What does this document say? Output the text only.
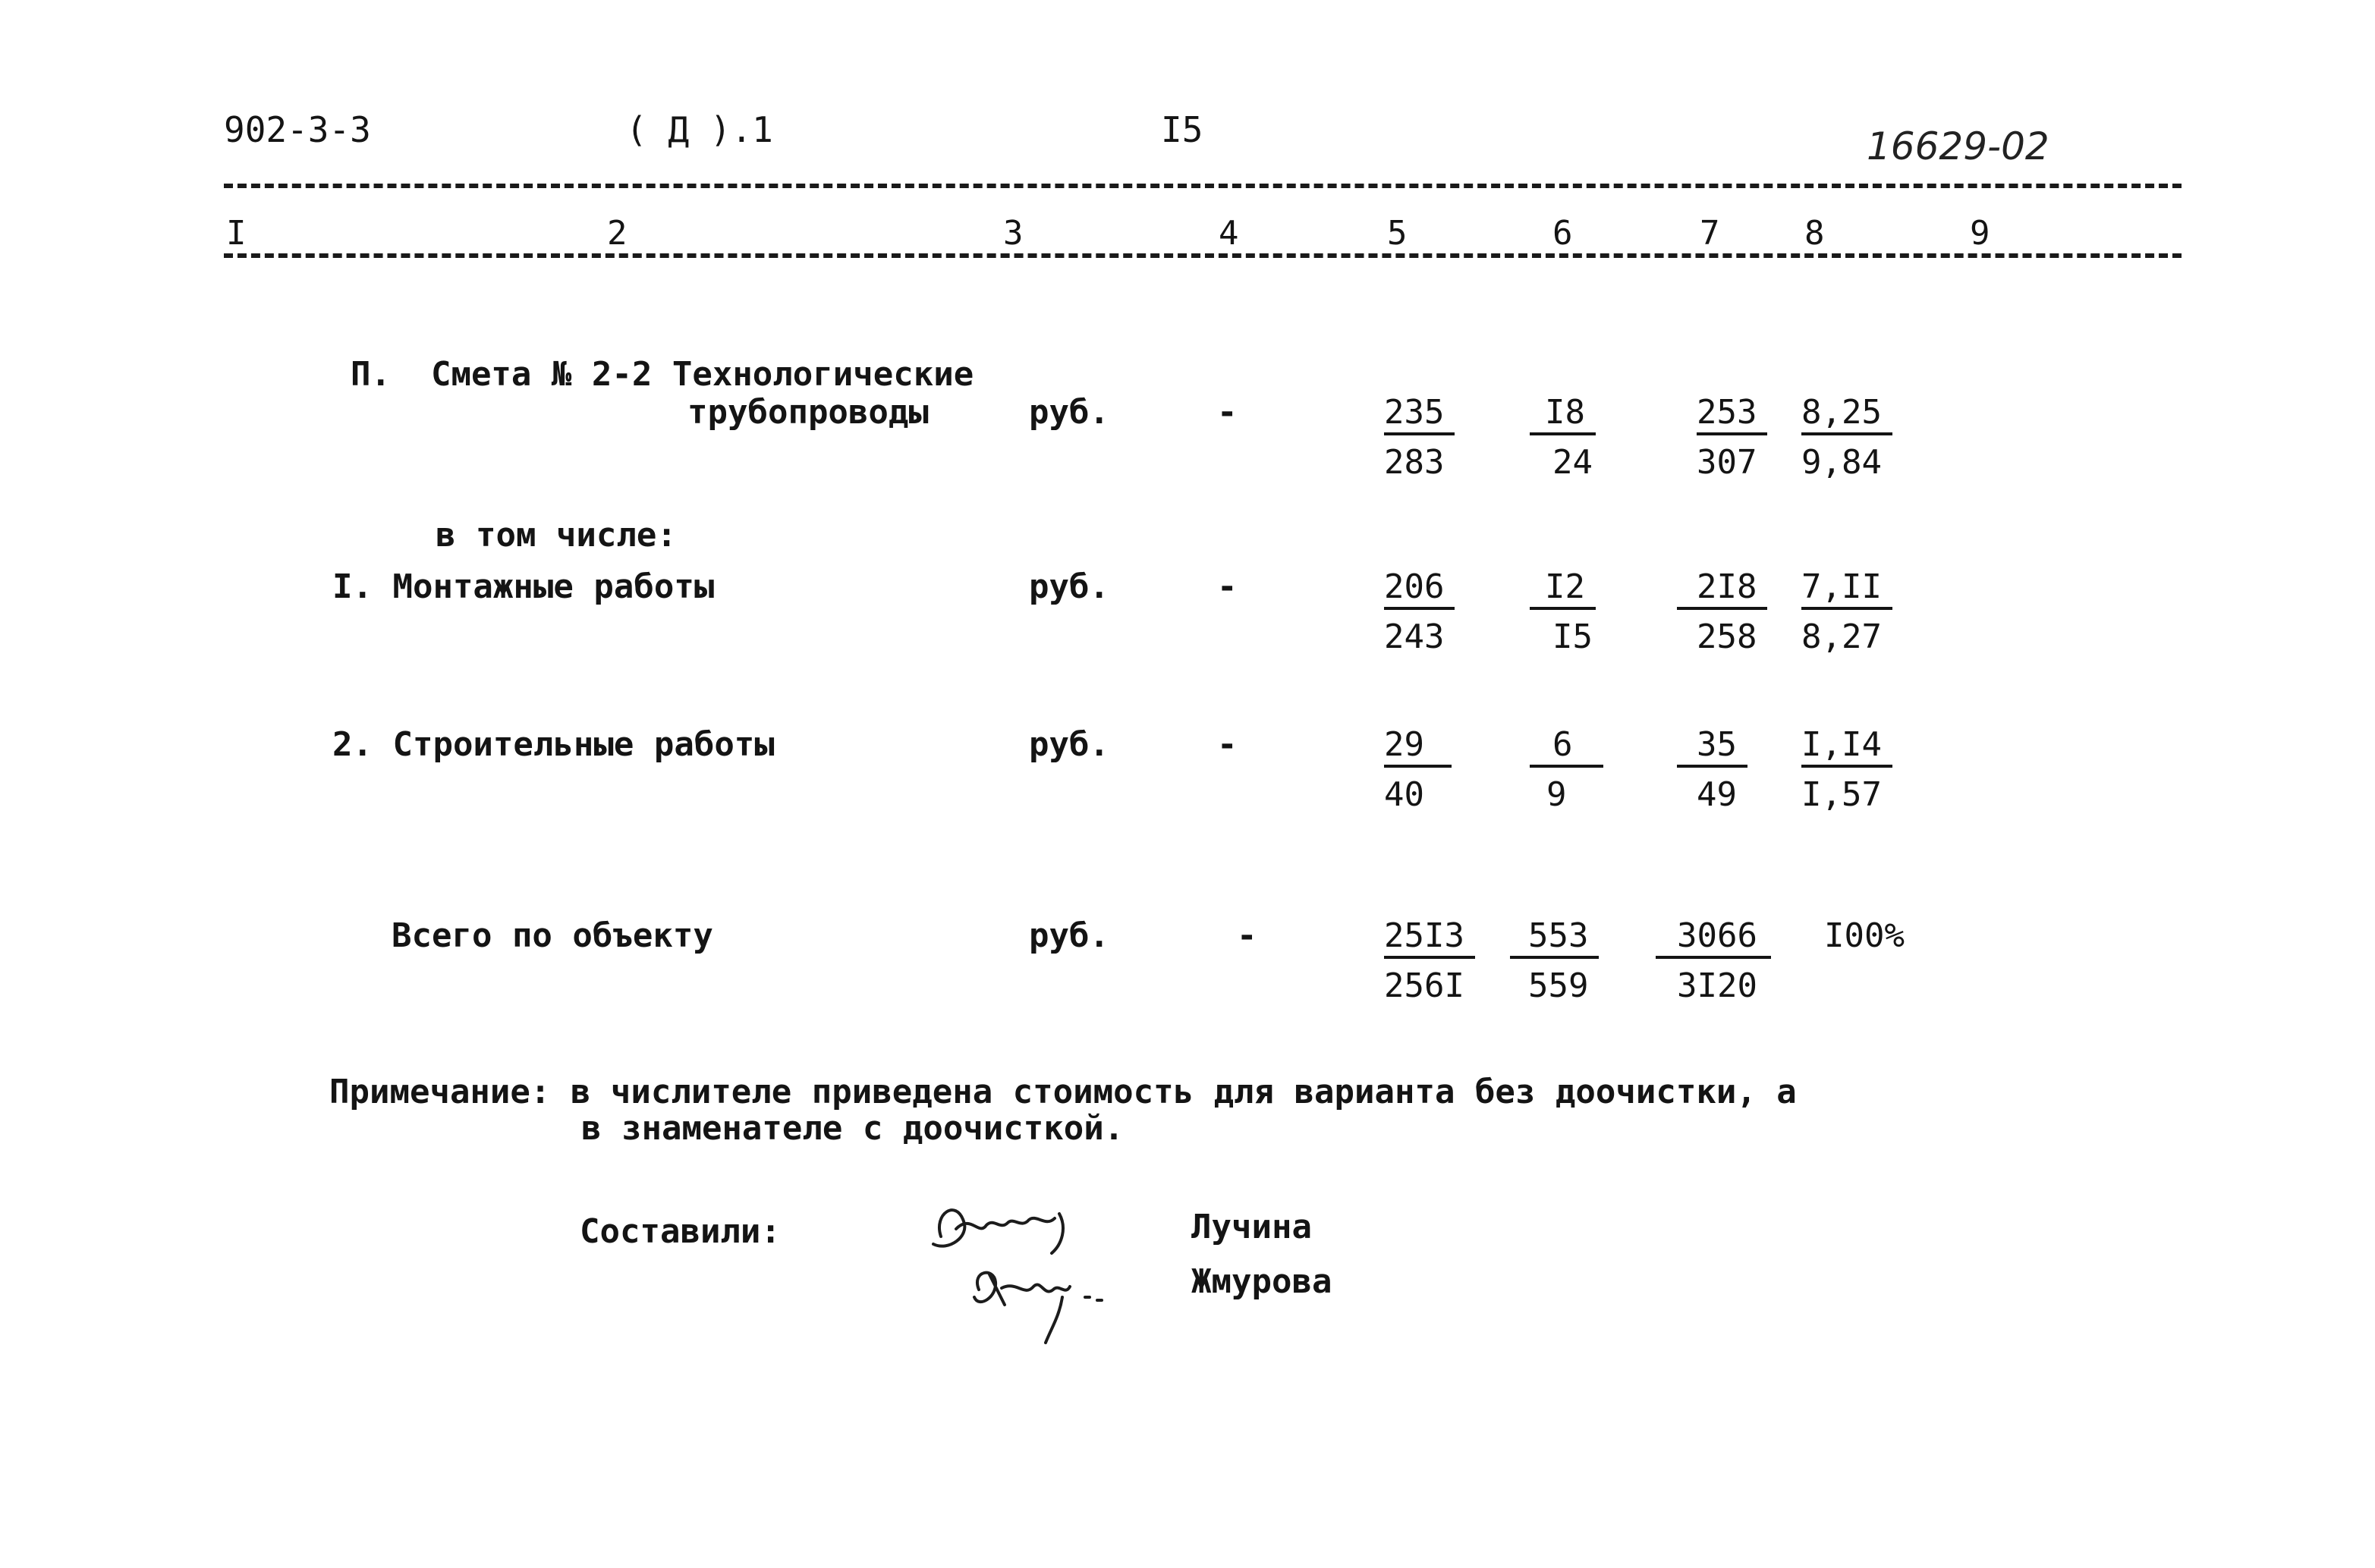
902-3-3	( Д ).1	I5	16629-02
I	2	3	4	5	6	7	8	9
П.  Смета № 2-2 Технологические
трубопроводы	руб.	-	$\frac{235}{283} \frac{I8}{24}$	$\frac{253}{307} \frac{8,25}{9,84}$
в том числе:
I. Монтажные работы	руб.	-	$\frac{206}{243} \frac{I2}{I5} \frac{2I8}{258} \frac{7,II}{8,27}$
2. Строительные работы	руб.	-	$\frac{29}{40} \frac{6}{9} \frac{35}{49} \frac{I,I4}{I,57}$
Всего по объекту	руб.	-	$\frac{25I3}{256I} \frac{553}{559} \frac{3066}{3I20} I00\%$
Примечание: в числителе приведена стоимость для варианта без доочистки, а
в знаменателе с доочисткой.
Составили:	Лучина
Жмурова
